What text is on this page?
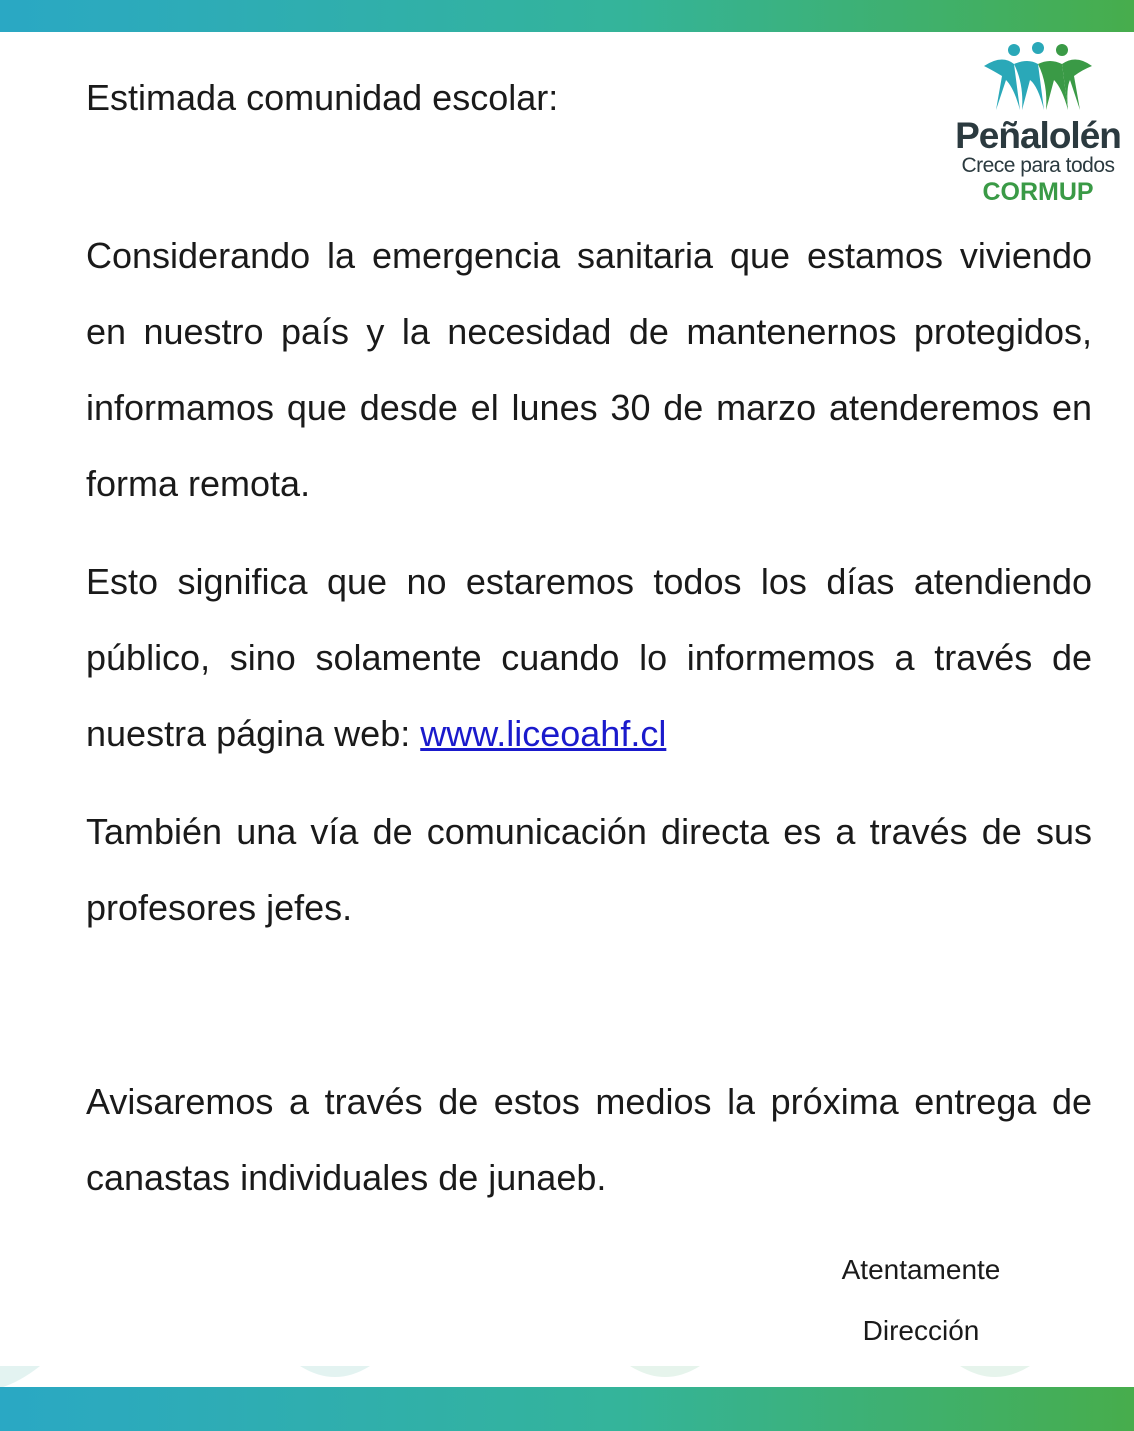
Peñalolén
Crece para todos
CORMUP

Estimada comunidad escolar:

Considerando la emergencia sanitaria que estamos viviendo en nuestro país y la necesidad de mantenernos protegidos, informamos que desde el lunes 30 de marzo atenderemos en forma remota.

Esto significa que no estaremos todos los días atendiendo público, sino solamente cuando lo informemos a través de nuestra página web: www.liceoahf.cl

También una vía de comunicación directa es a través de sus profesores jefes.

Avisaremos a través de estos medios la próxima entrega de canastas individuales de junaeb.

Atentamente
Dirección
